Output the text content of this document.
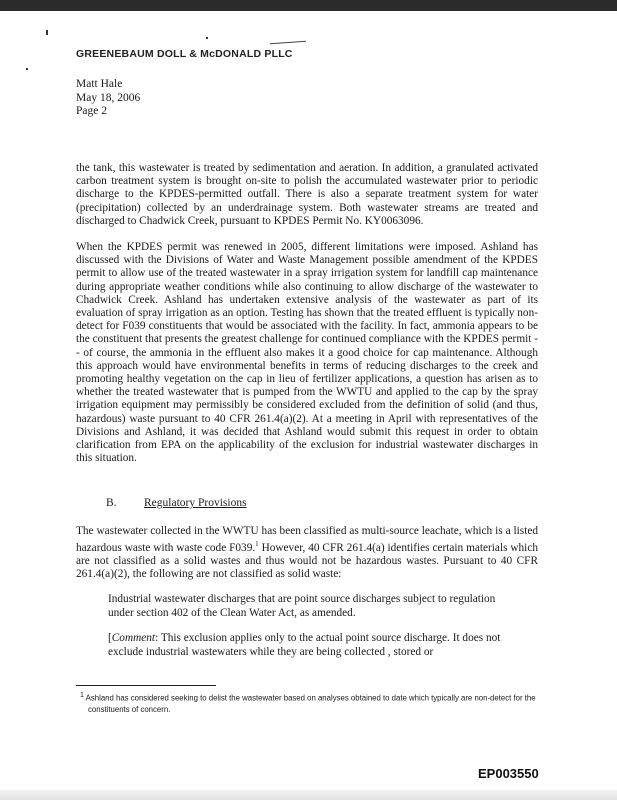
GREENEBAUM DOLL & McDONALD PLLC
Matt Hale
May 18, 2006
Page 2

the tank, this wastewater is treated by sedimentation and aeration. In addition, a granulated activated carbon treatment system is brought on-site to polish the accumulated wastewater prior to periodic discharge to the KPDES-permitted outfall. There is also a separate treatment system for water (precipitation) collected by an underdrainage system. Both wastewater streams are treated and discharged to Chadwick Creek, pursuant to KPDES Permit No. KY0063096.

When the KPDES permit was renewed in 2005, different limitations were imposed. Ashland has discussed with the Divisions of Water and Waste Management possible amendment of the KPDES permit to allow use of the treated wastewater in a spray irrigation system for landfill cap maintenance during appropriate weather conditions while also continuing to allow discharge of the wastewater to Chadwick Creek. Ashland has undertaken extensive analysis of the wastewater as part of its evaluation of spray irrigation as an option. Testing has shown that the treated effluent is typically non-detect for F039 constituents that would be associated with the facility. In fact, ammonia appears to be the constituent that presents the greatest challenge for continued compliance with the KPDES permit -- of course, the ammonia in the effluent also makes it a good choice for cap maintenance. Although this approach would have environmental benefits in terms of reducing discharges to the creek and promoting healthy vegetation on the cap in lieu of fertilizer applications, a question has arisen as to whether the treated wastewater that is pumped from the WWTU and applied to the cap by the spray irrigation equipment may permissibly be considered excluded from the definition of solid (and thus, hazardous) waste pursuant to 40 CFR 261.4(a)(2). At a meeting in April with representatives of the Divisions and Ashland, it was decided that Ashland would submit this request in order to obtain clarification from EPA on the applicability of the exclusion for industrial wastewater discharges in this situation.

B. Regulatory Provisions

The wastewater collected in the WWTU has been classified as multi-source leachate, which is a listed hazardous waste with waste code F039.$^1$ However, 40 CFR 261.4(a) identifies certain materials which are not classified as a solid wastes and thus would not be hazardous wastes. Pursuant to 40 CFR 261.4(a)(2), the following are not classified as solid waste:

Industrial wastewater discharges that are point source discharges subject to regulation under section 402 of the Clean Water Act, as amended.

[Comment: This exclusion applies only to the actual point source discharge. It does not exclude industrial wastewaters while they are being collected , stored or

$^1$ Ashland has considered seeking to delist the wastewater based on analyses obtained to date which typically are non-detect for the constituents of concern.
EP003550
